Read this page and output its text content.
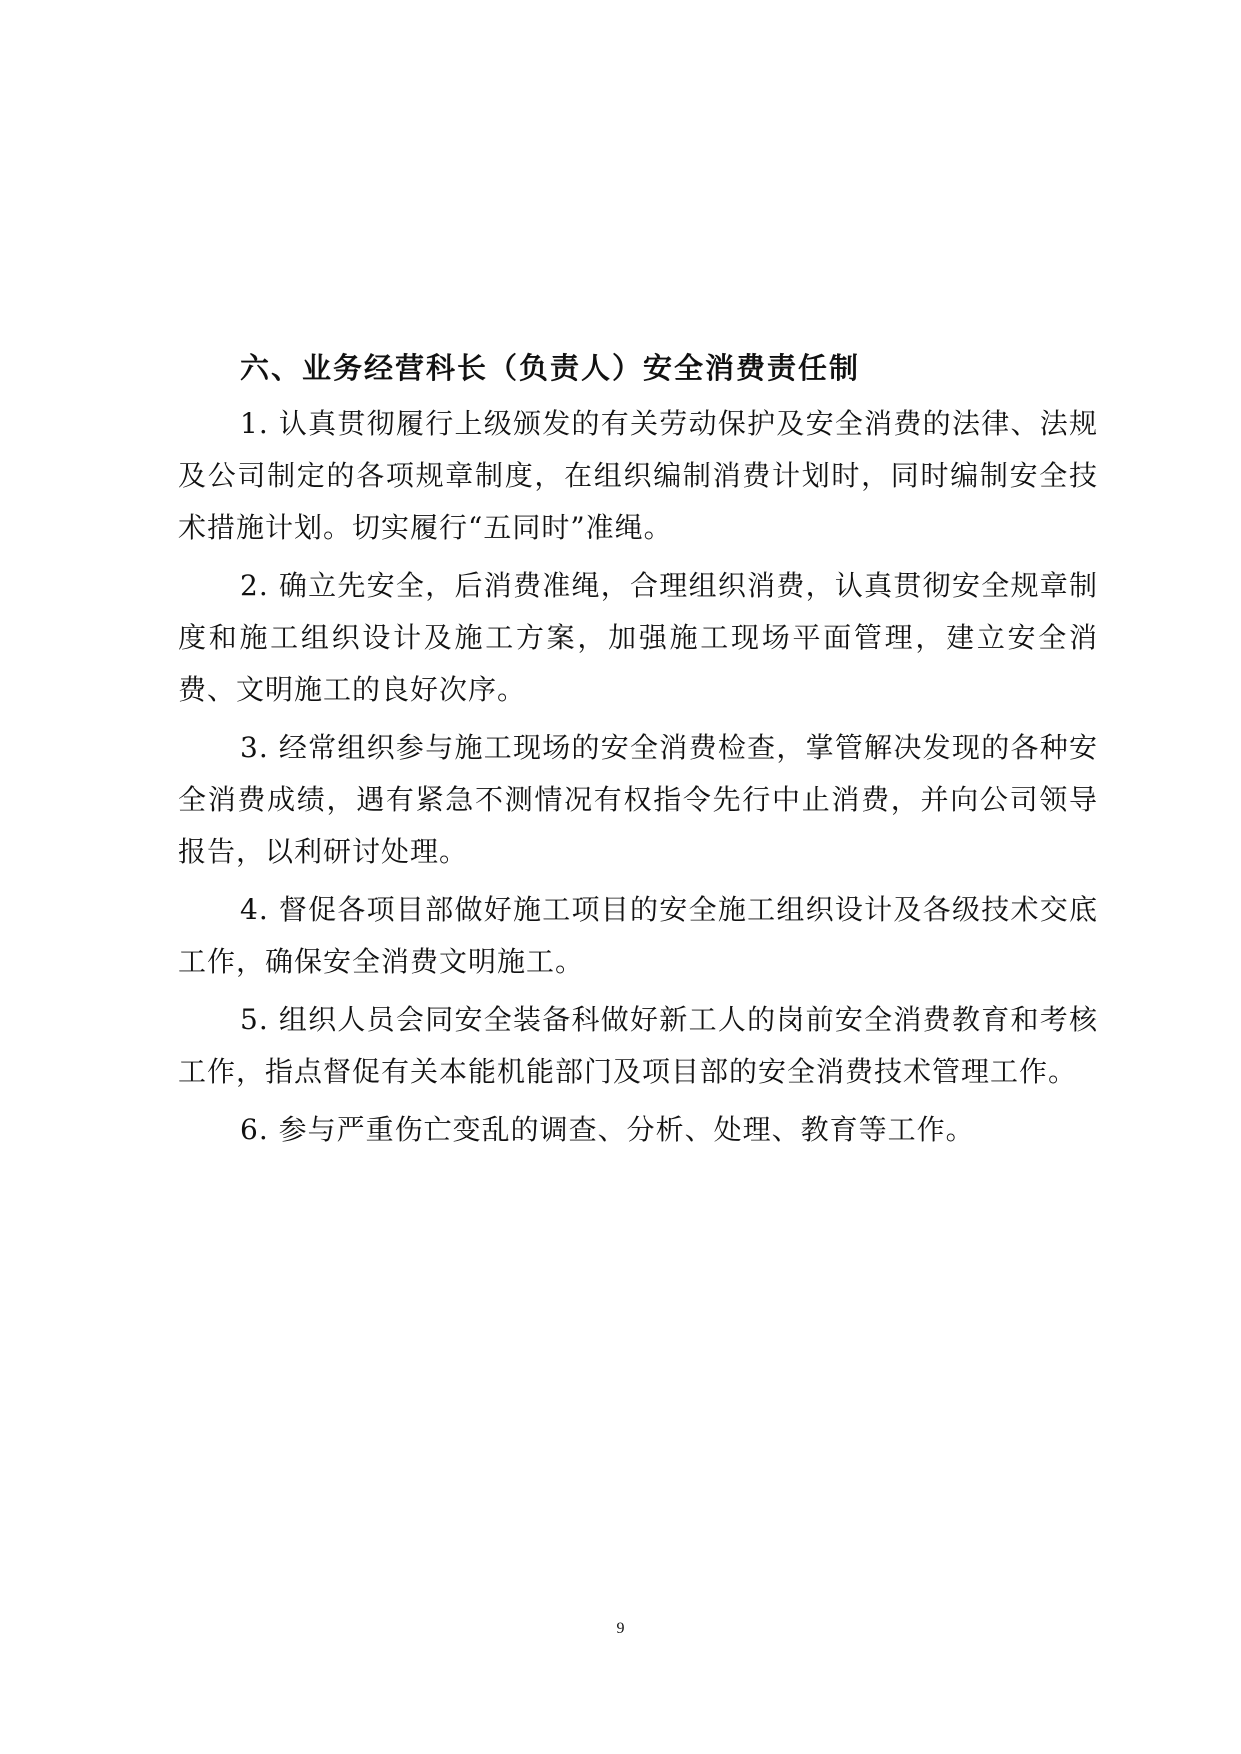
六、业务经营科长（负责人）安全消费责任制

1. 认真贯彻履行上级颁发的有关劳动保护及安全消费的法律、法规及公司制定的各项规章制度，在组织编制消费计划时，同时编制安全技术措施计划。切实履行“五同时”准绳。

2. 确立先安全，后消费准绳，合理组织消费，认真贯彻安全规章制度和施工组织设计及施工方案，加强施工现场平面管理，建立安全消费、文明施工的良好次序。

3. 经常组织参与施工现场的安全消费检查，掌管解决发现的各种安全消费成绩，遇有紧急不测情况有权指令先行中止消费，并向公司领导报告，以利研讨处理。

4. 督促各项目部做好施工项目的安全施工组织设计及各级技术交底工作，确保安全消费文明施工。

5. 组织人员会同安全装备科做好新工人的岗前安全消费教育和考核工作，指点督促有关本能机能部门及项目部的安全消费技术管理工作。

6. 参与严重伤亡变乱的调查、分析、处理、教育等工作。

9
